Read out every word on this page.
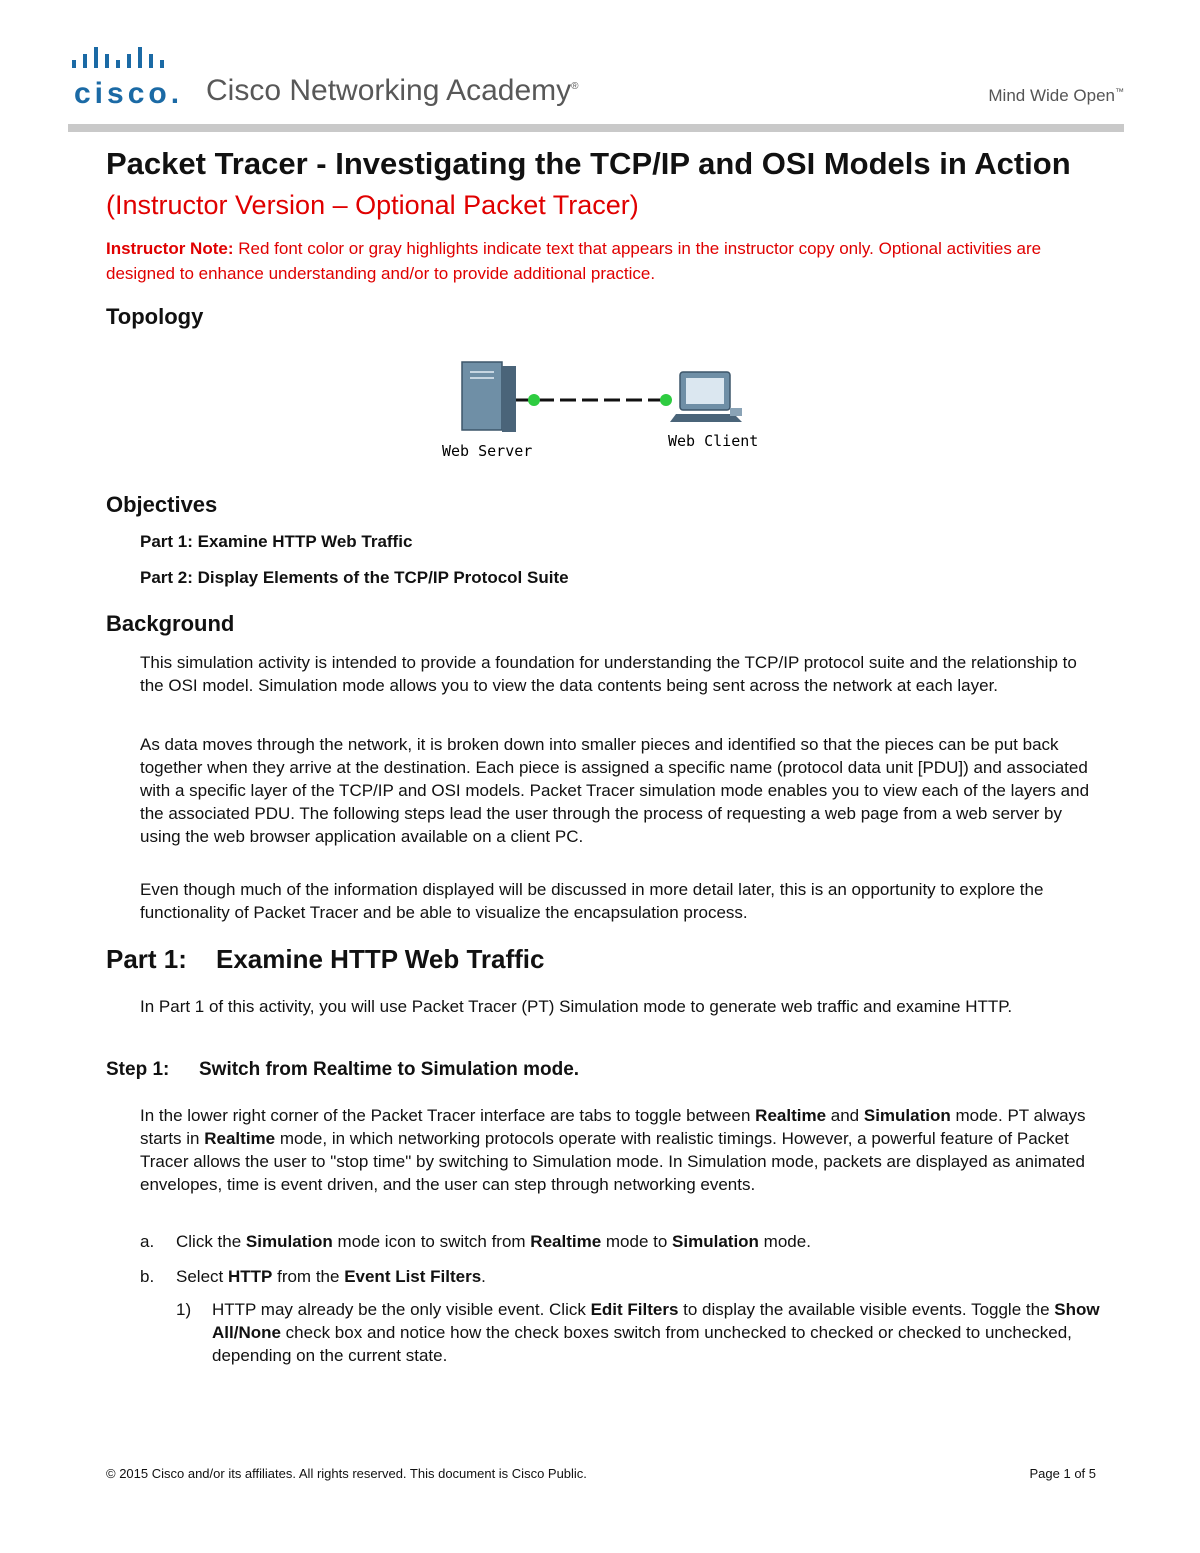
cisco. Cisco Networking Academy®	Mind Wide Open™
Packet Tracer - Investigating the TCP/IP and OSI Models in Action
(Instructor Version – Optional Packet Tracer)
Instructor Note: Red font color or gray highlights indicate text that appears in the instructor copy only. Optional activities are designed to enhance understanding and/or to provide additional practice.
Topology
Web Server
Web Client
Objectives
Part 1: Examine HTTP Web Traffic
Part 2: Display Elements of the TCP/IP Protocol Suite
Background

This simulation activity is intended to provide a foundation for understanding the TCP/IP protocol suite and the relationship to the OSI model. Simulation mode allows you to view the data contents being sent across the network at each layer.

As data moves through the network, it is broken down into smaller pieces and identified so that the pieces can be put back together when they arrive at the destination. Each piece is assigned a specific name (protocol data unit [PDU]) and associated with a specific layer of the TCP/IP and OSI models. Packet Tracer simulation mode enables you to view each of the layers and the associated PDU. The following steps lead the user through the process of requesting a web page from a web server by using the web browser application available on a client PC.

Even though much of the information displayed will be discussed in more detail later, this is an opportunity to explore the functionality of Packet Tracer and be able to visualize the encapsulation process.

Part 1: Examine HTTP Web Traffic

In Part 1 of this activity, you will use Packet Tracer (PT) Simulation mode to generate web traffic and examine HTTP.

Step 1: Switch from Realtime to Simulation mode.

In the lower right corner of the Packet Tracer interface are tabs to toggle between Realtime and Simulation mode. PT always starts in Realtime mode, in which networking protocols operate with realistic timings. However, a powerful feature of Packet Tracer allows the user to "stop time" by switching to Simulation mode. In Simulation mode, packets are displayed as animated envelopes, time is event driven, and the user can step through networking events.

a. Click the Simulation mode icon to switch from Realtime mode to Simulation mode.
b. Select HTTP from the Event List Filters.
1) HTTP may already be the only visible event. Click Edit Filters to display the available visible events. Toggle the Show All/None check box and notice how the check boxes switch from unchecked to checked or checked to unchecked, depending on the current state.
© 2015 Cisco and/or its affiliates. All rights reserved. This document is Cisco Public.	Page 1 of 5
